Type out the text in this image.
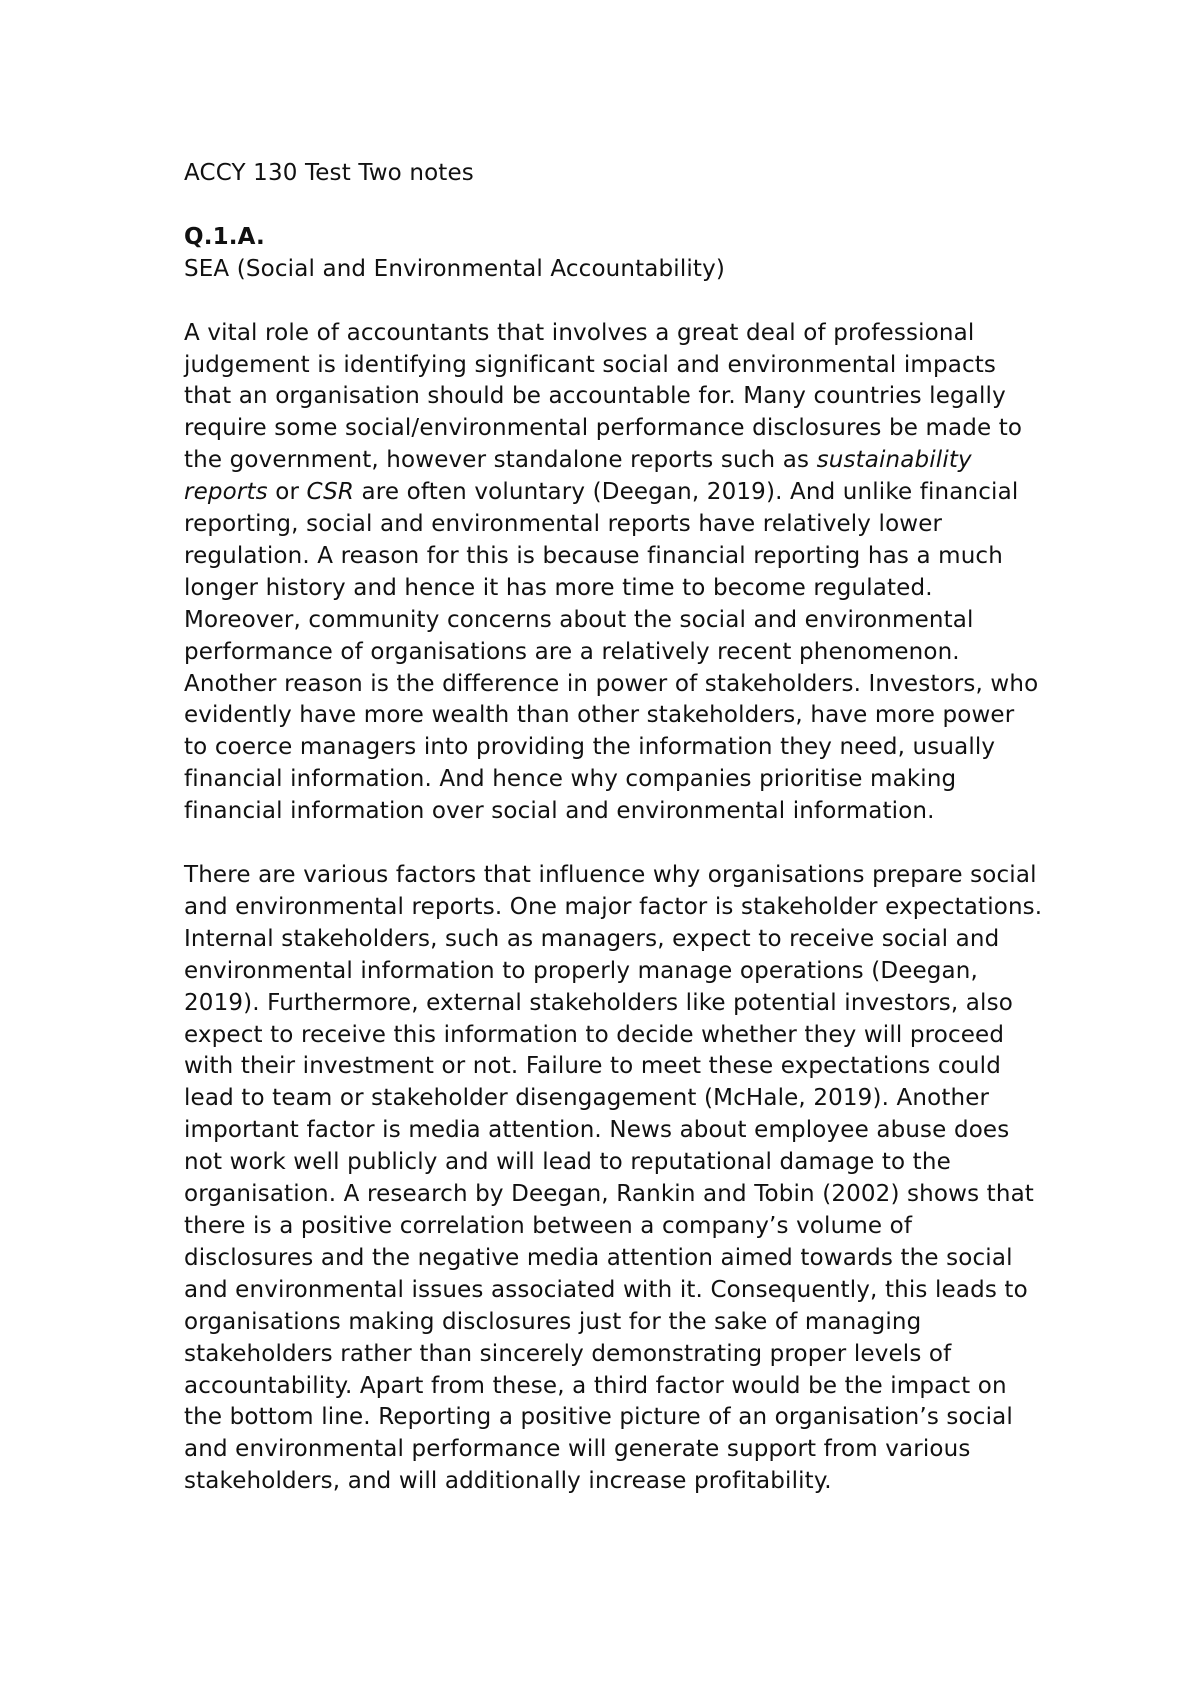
ACCY 130 Test Two notes

Q.1.A.

SEA (Social and Environmental Accountability)

A vital role of accountants that involves a great deal of professional judgement is identifying significant social and environmental impacts that an organisation should be accountable for. Many countries legally require some social/environmental performance disclosures be made to the government, however standalone reports such as sustainability reports or CSR are often voluntary (Deegan, 2019). And unlike financial reporting, social and environmental reports have relatively lower regulation. A reason for this is because financial reporting has a much longer history and hence it has more time to become regulated. Moreover, community concerns about the social and environmental performance of organisations are a relatively recent phenomenon. Another reason is the difference in power of stakeholders. Investors, who evidently have more wealth than other stakeholders, have more power to coerce managers into providing the information they need, usually financial information. And hence why companies prioritise making financial information over social and environmental information.

There are various factors that influence why organisations prepare social and environmental reports. One major factor is stakeholder expectations. Internal stakeholders, such as managers, expect to receive social and environmental information to properly manage operations (Deegan, 2019). Furthermore, external stakeholders like potential investors, also expect to receive this information to decide whether they will proceed with their investment or not. Failure to meet these expectations could lead to team or stakeholder disengagement (McHale, 2019). Another important factor is media attention. News about employee abuse does not work well publicly and will lead to reputational damage to the organisation. A research by Deegan, Rankin and Tobin (2002) shows that there is a positive correlation between a company’s volume of disclosures and the negative media attention aimed towards the social and environmental issues associated with it. Consequently, this leads to organisations making disclosures just for the sake of managing stakeholders rather than sincerely demonstrating proper levels of accountability. Apart from these, a third factor would be the impact on the bottom line. Reporting a positive picture of an organisation’s social and environmental performance will generate support from various stakeholders, and will additionally increase profitability.
